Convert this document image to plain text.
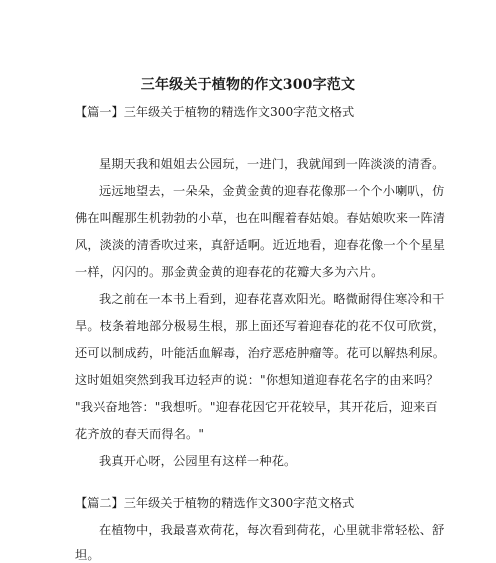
三年级关于植物的作文300字范文
【篇一】三年级关于植物的精选作文300字范文格式
星期天我和姐姐去公园玩，一进门，我就闻到一阵淡淡的清香。
远远地望去，一朵朵，金黄金黄的迎春花像那一个个小喇叭，仿
佛在叫醒那生机勃勃的小草，也在叫醒着春姑娘。春姑娘吹来一阵清
风，淡淡的清香吹过来，真舒适啊。近近地看，迎春花像一个个星星
一样，闪闪的。那金黄金黄的迎春花的花瓣大多为六片。
我之前在一本书上看到，迎春花喜欢阳光。略微耐得住寒冷和干
旱。枝条着地部分极易生根，那上面还写着迎春花的花不仅可欣赏，
还可以制成药，叶能活血解毒，治疗恶疮肿瘤等。花可以解热利尿。
这时姐姐突然到我耳边轻声的说："你想知道迎春花名字的由来吗？
"我兴奋地答："我想听。"迎春花因它开花较早，其开花后，迎来百
花齐放的春天而得名。"
我真开心呀，公园里有这样一种花。
【篇二】三年级关于植物的精选作文300字范文格式
在植物中，我最喜欢荷花，每次看到荷花，心里就非常轻松、舒
坦。
